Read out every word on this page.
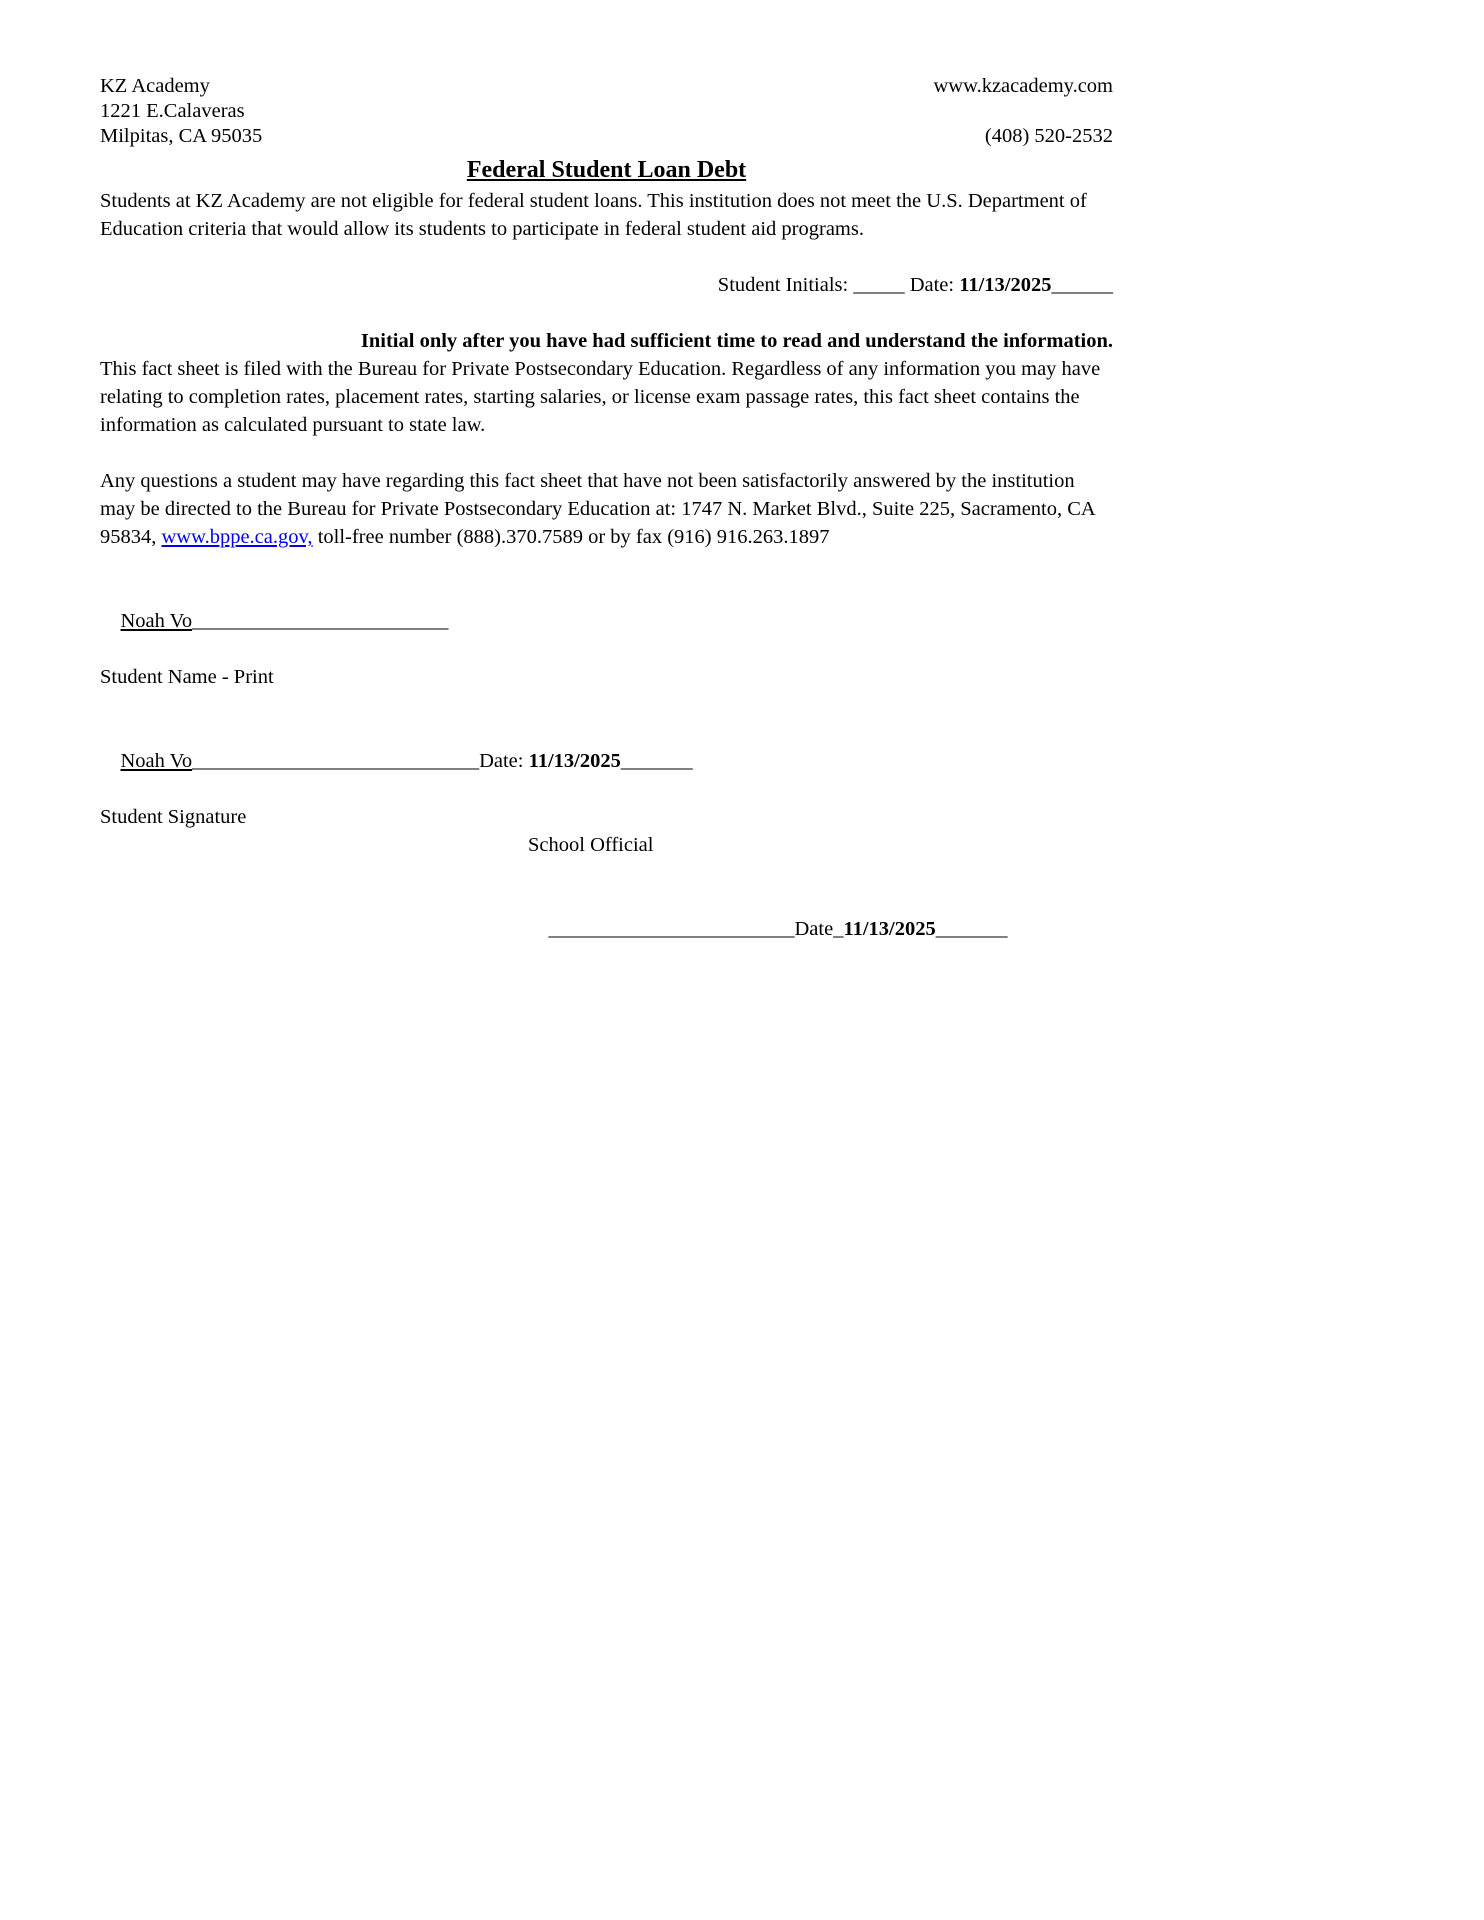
KZ Academy
1221 E.Calaveras
Milpitas, CA 95035
www.kzacademy.com

(408) 520-2532
Federal Student Loan Debt

Students at KZ Academy are not eligible for federal student loans. This institution does not meet the U.S. Department of Education criteria that would allow its students to participate in federal student aid programs.

Student Initials: _____ Date: 11/13/2025______

Initial only after you have had sufficient time to read and understand the information.

This fact sheet is filed with the Bureau for Private Postsecondary Education. Regardless of any information you may have relating to completion rates, placement rates, starting salaries, or license exam passage rates, this fact sheet contains the information as calculated pursuant to state law.

Any questions a student may have regarding this fact sheet that have not been satisfactorily answered by the institution may be directed to the Bureau for Private Postsecondary Education at: 1747 N. Market Blvd., Suite 225, Sacramento, CA 95834, www.bppe.ca.gov, toll-free number (888).370.7589 or by fax (916) 916.263.1897

Noah Vo_________________________

Student Name - Print

Noah Vo____________________________Date: 11/13/2025_______

Student Signature
School Official

________________________Date_11/13/2025_______
